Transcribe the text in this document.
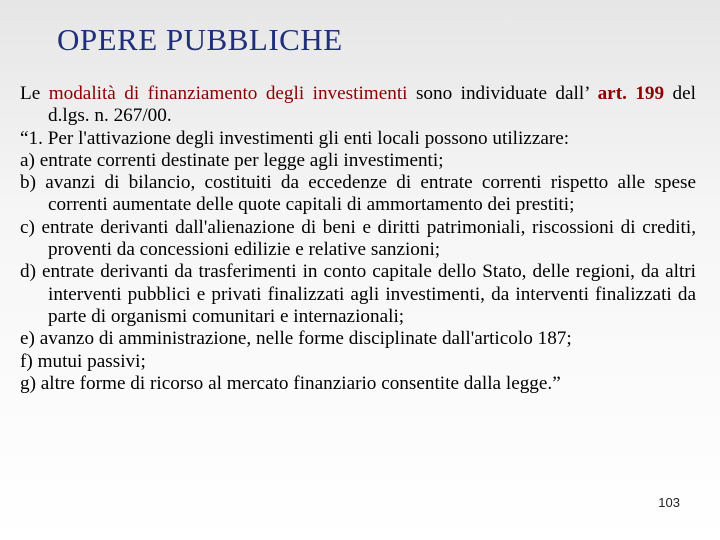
OPERE PUBBLICHE

Le modalità di finanziamento degli investimenti sono individuate dall’ art. 199 del d.lgs. n. 267/00.

“1. Per l'attivazione degli investimenti gli enti locali possono utilizzare:

a) entrate correnti destinate per legge agli investimenti;

b) avanzi di bilancio, costituiti da eccedenze di entrate correnti rispetto alle spese correnti aumentate delle quote capitali di ammortamento dei prestiti;

c) entrate derivanti dall'alienazione di beni e diritti patrimoniali, riscossioni di crediti, proventi da concessioni edilizie e relative sanzioni;

d) entrate derivanti da trasferimenti in conto capitale dello Stato, delle regioni, da altri interventi pubblici e privati finalizzati agli investimenti, da interventi finalizzati da parte di organismi comunitari e internazionali;

e) avanzo di amministrazione, nelle forme disciplinate dall'articolo 187;

f) mutui passivi;

g) altre forme di ricorso al mercato finanziario consentite dalla legge.”

103
